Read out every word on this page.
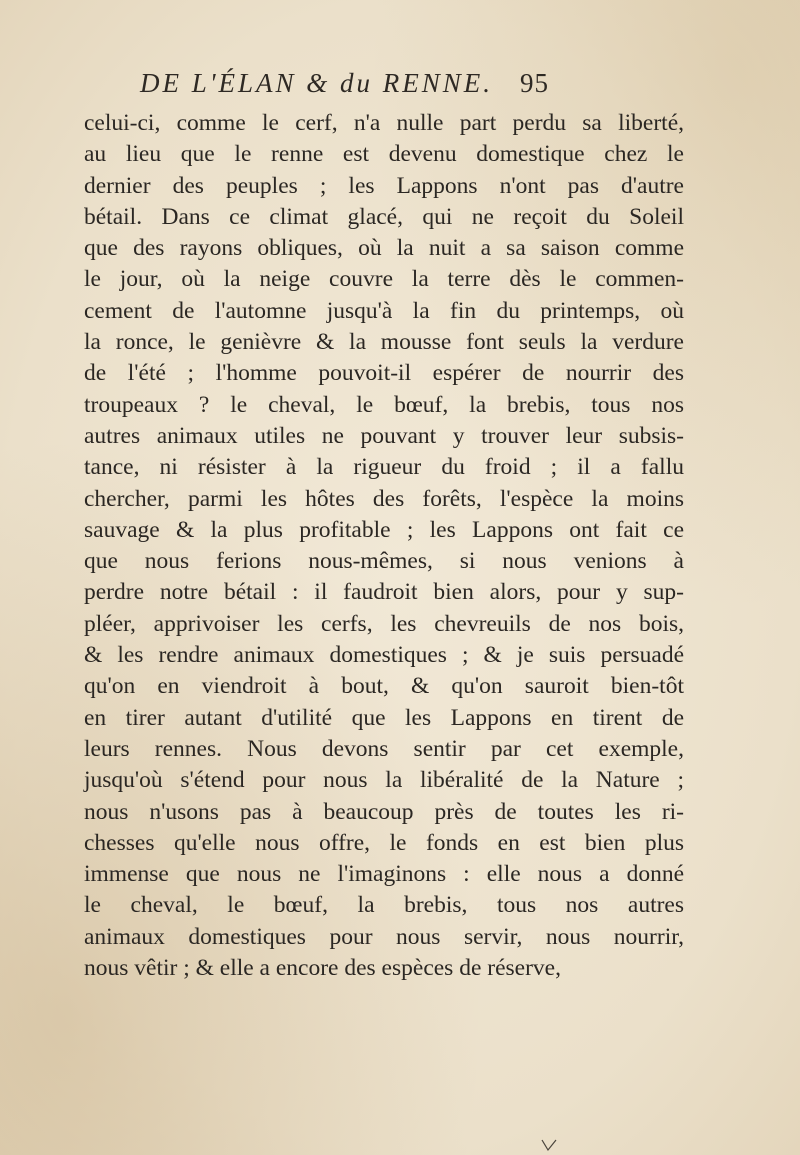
DE L'ÉLAN & du RENNE. 95
celui-ci, comme le cerf, n'a nulle part perdu sa liberté,
au lieu que le renne est devenu domestique chez le
dernier des peuples ; les Lappons n'ont pas d'autre
bétail. Dans ce climat glacé, qui ne reçoit du Soleil
que des rayons obliques, où la nuit a sa saison comme
le jour, où la neige couvre la terre dès le commen-
cement de l'automne jusqu'à la fin du printemps, où
la ronce, le genièvre & la mousse font seuls la verdure
de l'été ; l'homme pouvoit-il espérer de nourrir des
troupeaux ? le cheval, le bœuf, la brebis, tous nos
autres animaux utiles ne pouvant y trouver leur subsis-
tance, ni résister à la rigueur du froid ; il a fallu
chercher, parmi les hôtes des forêts, l'espèce la moins
sauvage & la plus profitable ; les Lappons ont fait ce
que nous ferions nous-mêmes, si nous venions à
perdre notre bétail : il faudroit bien alors, pour y sup-
pléer, apprivoiser les cerfs, les chevreuils de nos bois,
& les rendre animaux domestiques ; & je suis persuadé
qu'on en viendroit à bout, & qu'on sauroit bien-tôt
en tirer autant d'utilité que les Lappons en tirent de
leurs rennes. Nous devons sentir par cet exemple,
jusqu'où s'étend pour nous la libéralité de la Nature ;
nous n'usons pas à beaucoup près de toutes les ri-
chesses qu'elle nous offre, le fonds en est bien plus
immense que nous ne l'imaginons : elle nous a donné
le cheval, le bœuf, la brebis, tous nos autres
animaux domestiques pour nous servir, nous nourrir,
nous vêtir ; & elle a encore des espèces de réserve,
